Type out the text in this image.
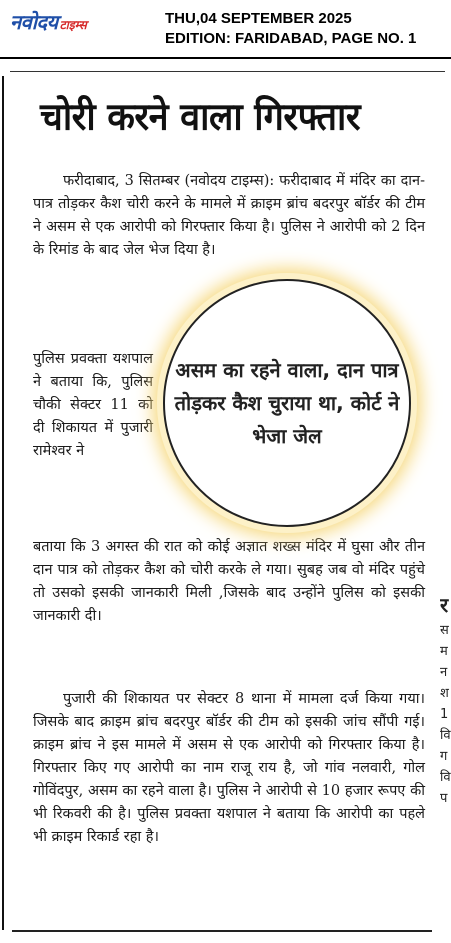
नवोदय टाइम्स	THU,04 SEPTEMBER 2025
EDITION: FARIDABAD, PAGE NO. 1
चोरी करने वाला गिरफ्तार

फरीदाबाद, 3 सितम्बर (नवोदय टाइम्स): फरीदाबाद में मंदिर का दान-पात्र तोड़कर कैश चोरी करने के मामले में क्राइम ब्रांच बदरपुर बॉर्डर की टीम ने असम से एक आरोपी को गिरफ्तार किया है। पुलिस ने आरोपी को 2 दिन के रिमांड के बाद जेल भेज दिया है।

पुलिस प्रवक्ता यशपाल ने बताया कि, पुलिस चौकी सेक्टर 11 को दी शिकायत में पुजारी रामेश्वर ने

बताया कि 3 अगस्त की रात को कोई अज्ञात शख्स मंदिर में घुसा और तीन दान पात्र को तोड़कर कैश को चोरी करके ले गया। सुबह जब वो मंदिर पहुंचे तो उसको इसकी जानकारी मिली ,जिसके बाद उन्होंने पुलिस को इसकी जानकारी दी।

पुजारी की शिकायत पर सेक्टर 8 थाना में मामला दर्ज किया गया। जिसके बाद क्राइम ब्रांच बदरपुर बॉर्डर की टीम को इसकी जांच सौंपी गई। क्राइम ब्रांच ने इस मामले में असम से एक आरोपी को गिरफ्तार किया है। गिरफ्तार किए गए आरोपी का नाम राजू राय है, जो गांव नलवारी, गोल गोविंदपुर, असम का रहने वाला है। पुलिस ने आरोपी से 10 हजार रूपए की भी रिकवरी की है। पुलिस प्रवक्ता यशपाल ने बताया कि आरोपी का पहले भी क्राइम रिकार्ड रहा है।

असम का रहने वाला, दान पात्र तोड़कर कैश चुराया था, कोर्ट ने भेजा जेल
र
स
म
न
श
1
वि
ग
वि
प
